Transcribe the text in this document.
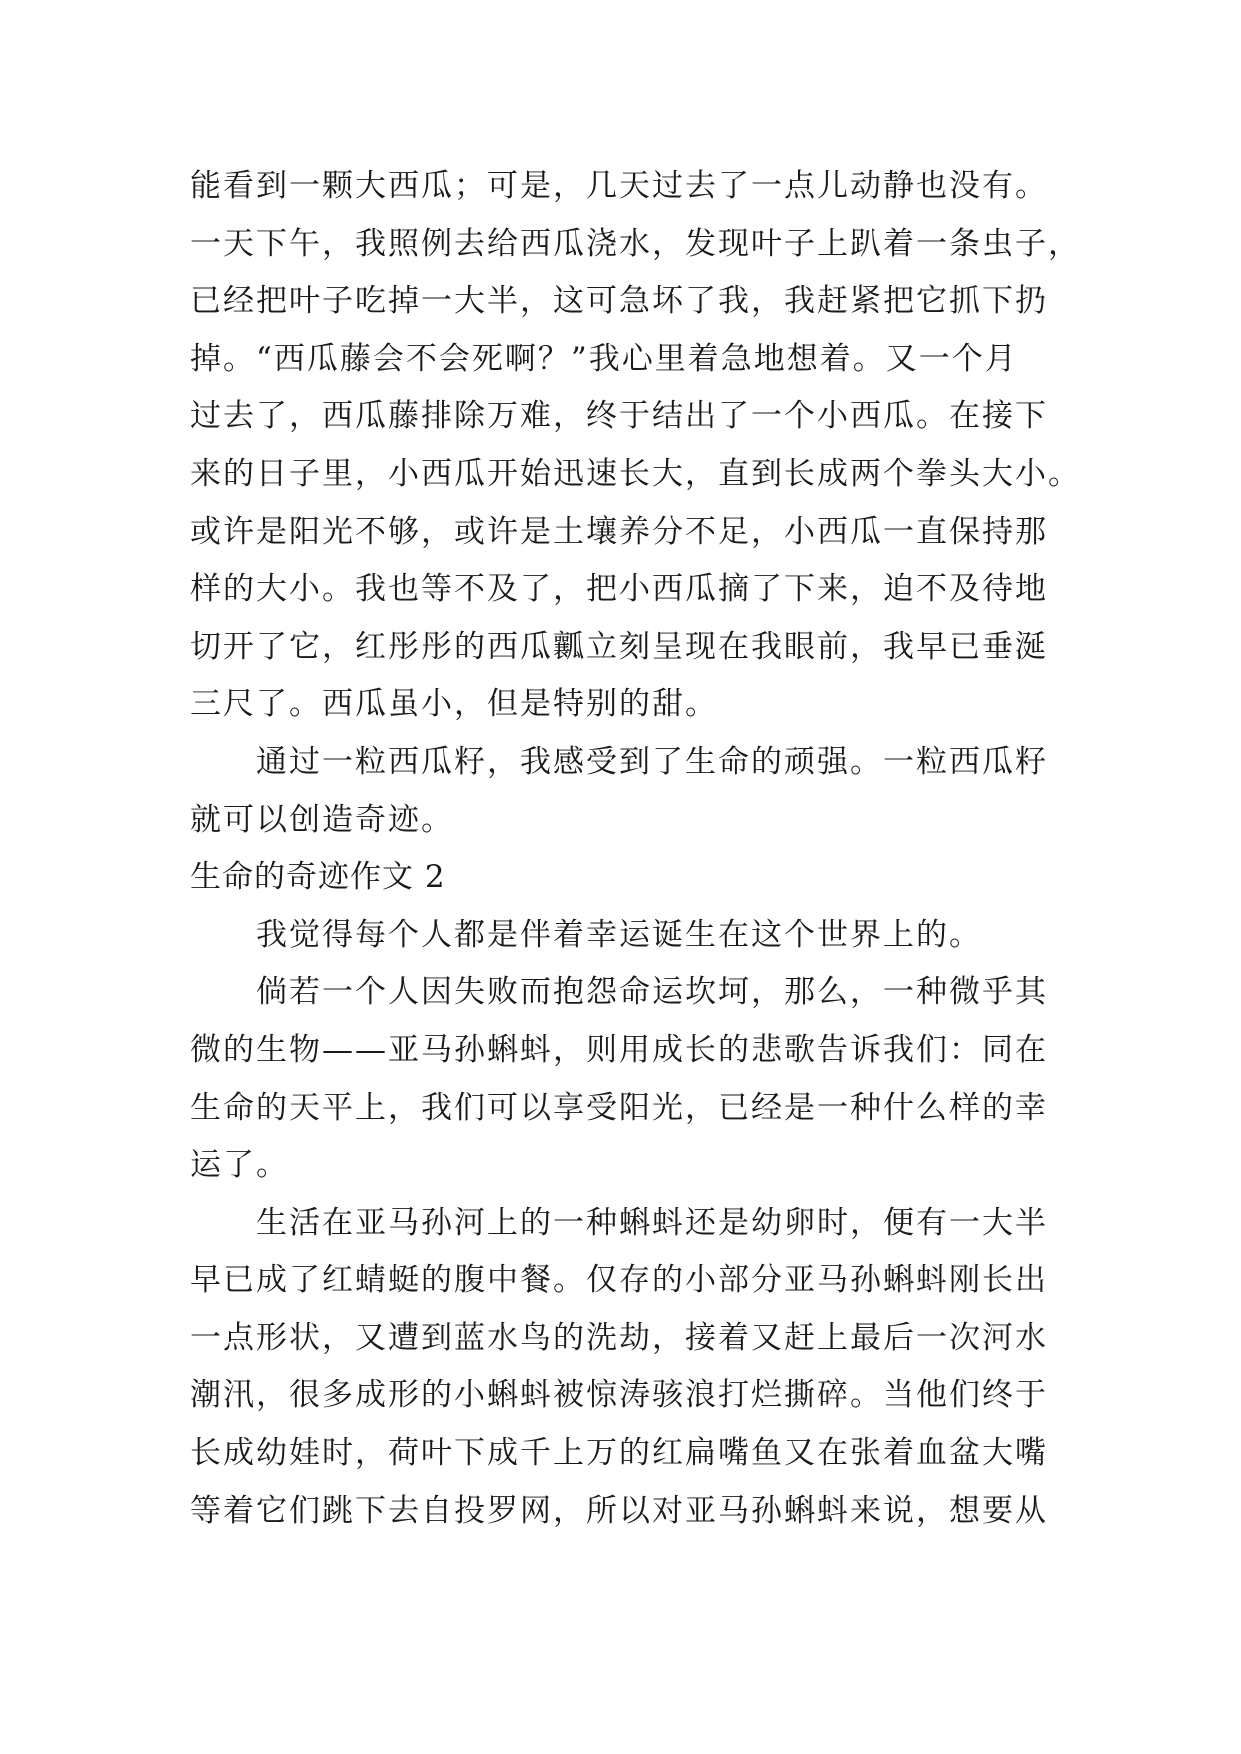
能看到一颗大西瓜；可是，几天过去了一点儿动静也没有。
一天下午，我照例去给西瓜浇水，发现叶子上趴着一条虫子，
已经把叶子吃掉一大半，这可急坏了我，我赶紧把它抓下扔
掉。“西瓜藤会不会死啊？”我心里着急地想着。又一个月
过去了，西瓜藤排除万难，终于结出了一个小西瓜。在接下
来的日子里，小西瓜开始迅速长大，直到长成两个拳头大小。
或许是阳光不够，或许是土壤养分不足，小西瓜一直保持那
样的大小。我也等不及了，把小西瓜摘了下来，迫不及待地
切开了它，红彤彤的西瓜瓤立刻呈现在我眼前，我早已垂涎
三尺了。西瓜虽小，但是特别的甜。
通过一粒西瓜籽，我感受到了生命的顽强。一粒西瓜籽
就可以创造奇迹。
生命的奇迹作文 2
我觉得每个人都是伴着幸运诞生在这个世界上的。
倘若一个人因失败而抱怨命运坎坷，那么，一种微乎其
微的生物——亚马孙蝌蚪，则用成长的悲歌告诉我们：同在
生命的天平上，我们可以享受阳光，已经是一种什么样的幸
运了。
生活在亚马孙河上的一种蝌蚪还是幼卵时，便有一大半
早已成了红蜻蜓的腹中餐。仅存的小部分亚马孙蝌蚪刚长出
一点形状，又遭到蓝水鸟的洗劫，接着又赶上最后一次河水
潮汛，很多成形的小蝌蚪被惊涛骇浪打烂撕碎。当他们终于
长成幼娃时，荷叶下成千上万的红扁嘴鱼又在张着血盆大嘴
等着它们跳下去自投罗网，所以对亚马孙蝌蚪来说，想要从
